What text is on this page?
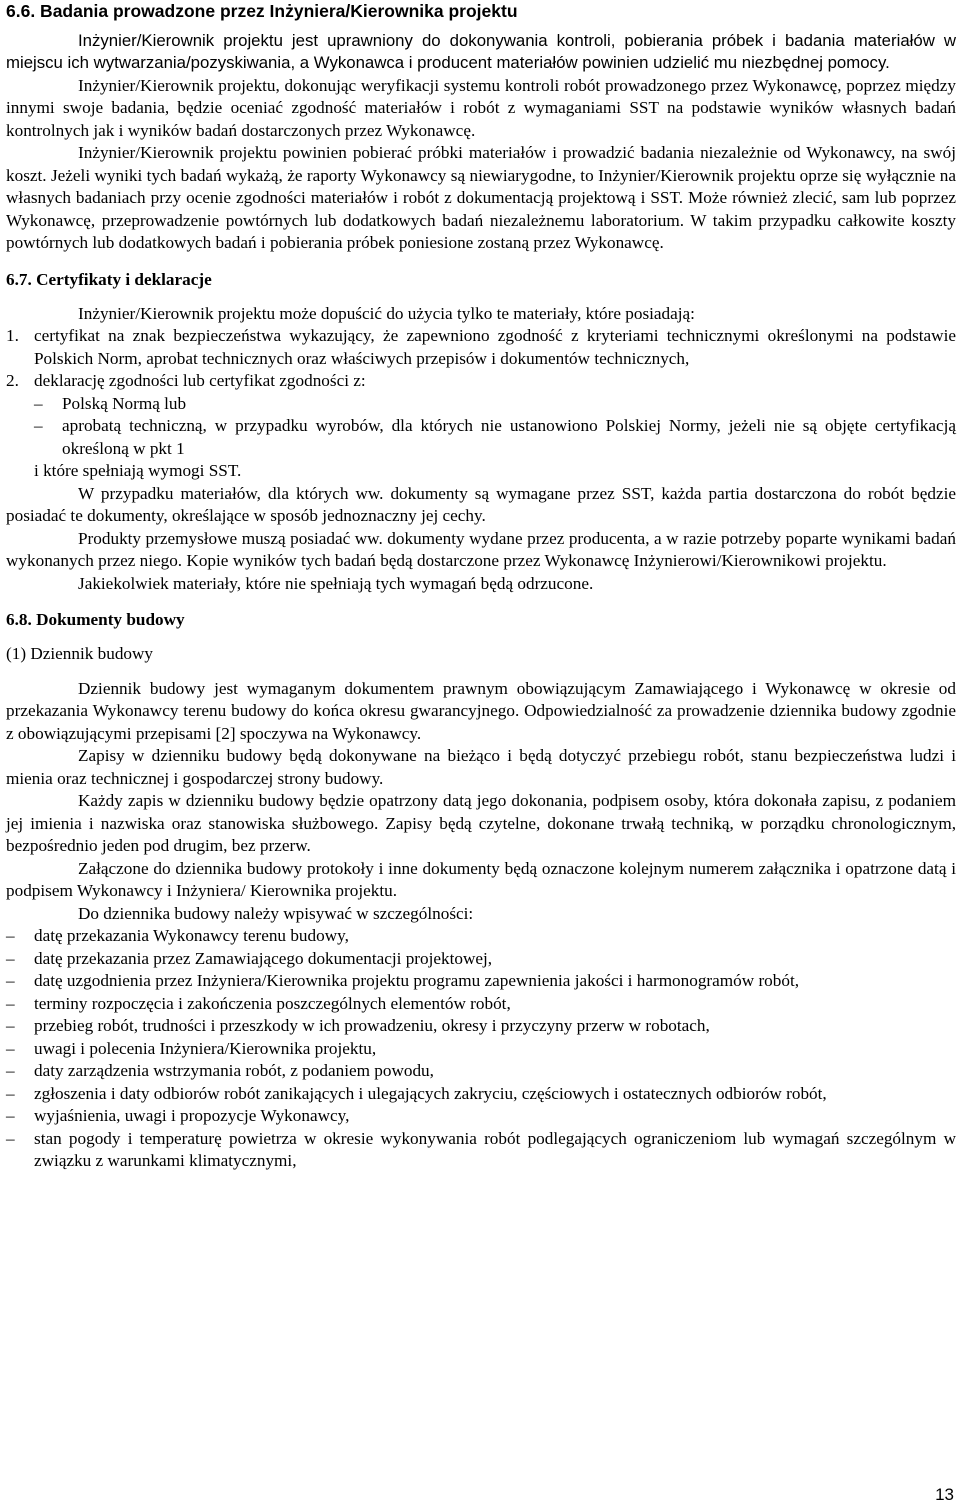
6.6. Badania prowadzone przez Inżyniera/Kierownika projektu

Inżynier/Kierownik projektu jest uprawniony do dokonywania kontroli, pobierania próbek i badania materiałów w miejscu ich wytwarzania/pozyskiwania, a Wykonawca i producent materiałów powinien udzielić mu niezbędnej pomocy.

Inżynier/Kierownik projektu, dokonując weryfikacji systemu kontroli robót prowadzonego przez Wykonawcę, poprzez między innymi swoje badania, będzie oceniać zgodność materiałów i robót z wymaganiami SST na podstawie wyników własnych badań kontrolnych jak i wyników badań dostarczonych przez Wykonawcę.

Inżynier/Kierownik projektu powinien pobierać próbki materiałów i prowadzić badania niezależnie od Wykonawcy, na swój koszt. Jeżeli wyniki tych badań wykażą, że raporty Wykonawcy są niewiarygodne, to Inżynier/Kierownik projektu oprze się wyłącznie na własnych badaniach przy ocenie zgodności materiałów i robót z dokumentacją projektową i SST. Może również zlecić, sam lub poprzez Wykonawcę, przeprowadzenie powtórnych lub dodatkowych badań niezależnemu laboratorium. W takim przypadku całkowite koszty powtórnych lub dodatkowych badań i pobierania próbek poniesione zostaną przez Wykonawcę.

6.7. Certyfikaty i deklaracje

Inżynier/Kierownik projektu może dopuścić do użycia tylko te materiały, które posiadają:

1. certyfikat na znak bezpieczeństwa wykazujący, że zapewniono zgodność z kryteriami technicznymi określonymi na podstawie Polskich Norm, aprobat technicznych oraz właściwych przepisów i dokumentów technicznych,
2. deklarację zgodności lub certyfikat zgodności z:
– Polską Normą lub
– aprobatą techniczną, w przypadku wyrobów, dla których nie ustanowiono Polskiej Normy, jeżeli nie są objęte certyfikacją określoną w pkt 1

i które spełniają wymogi SST.

W przypadku materiałów, dla których ww. dokumenty są wymagane przez SST, każda partia dostarczona do robót będzie posiadać te dokumenty, określające w sposób jednoznaczny jej cechy.

Produkty przemysłowe muszą posiadać ww. dokumenty wydane przez producenta, a w razie potrzeby poparte wynikami badań wykonanych przez niego. Kopie wyników tych badań będą dostarczone przez Wykonawcę Inżynierowi/Kierownikowi projektu.

Jakiekolwiek materiały, które nie spełniają tych wymagań będą odrzucone.

6.8. Dokumenty budowy

(1) Dziennik budowy

Dziennik budowy jest wymaganym dokumentem prawnym obowiązującym Zamawiającego i Wykonawcę w okresie od przekazania Wykonawcy terenu budowy do końca okresu gwarancyjnego. Odpowiedzialność za prowadzenie dziennika budowy zgodnie z obowiązującymi przepisami [2] spoczywa na Wykonawcy.

Zapisy w dzienniku budowy będą dokonywane na bieżąco i będą dotyczyć przebiegu robót, stanu bezpieczeństwa ludzi i mienia oraz technicznej i gospodarczej strony budowy.

Każdy zapis w dzienniku budowy będzie opatrzony datą jego dokonania, podpisem osoby, która dokonała zapisu, z podaniem jej imienia i nazwiska oraz stanowiska służbowego. Zapisy będą czytelne, dokonane trwałą techniką, w porządku chronologicznym, bezpośrednio jeden pod drugim, bez przerw.

Załączone do dziennika budowy protokoły i inne dokumenty będą oznaczone kolejnym numerem załącznika i opatrzone datą i podpisem Wykonawcy i Inżyniera/ Kierownika projektu.

Do dziennika budowy należy wpisywać w szczególności:

– datę przekazania Wykonawcy terenu budowy,
– datę przekazania przez Zamawiającego dokumentacji projektowej,
– datę uzgodnienia przez Inżyniera/Kierownika projektu programu zapewnienia jakości i harmonogramów robót,
– terminy rozpoczęcia i zakończenia poszczególnych elementów robót,
– przebieg robót, trudności i przeszkody w ich prowadzeniu, okresy i przyczyny przerw w robotach,
– uwagi i polecenia Inżyniera/Kierownika projektu,
– daty zarządzenia wstrzymania robót, z podaniem powodu,
– zgłoszenia i daty odbiorów robót zanikających i ulegających zakryciu, częściowych i ostatecznych odbiorów robót,
– wyjaśnienia, uwagi i propozycje Wykonawcy,
– stan pogody i temperaturę powietrza w okresie wykonywania robót podlegających ograniczeniom lub wymagań szczególnym w związku z warunkami klimatycznymi,
13
